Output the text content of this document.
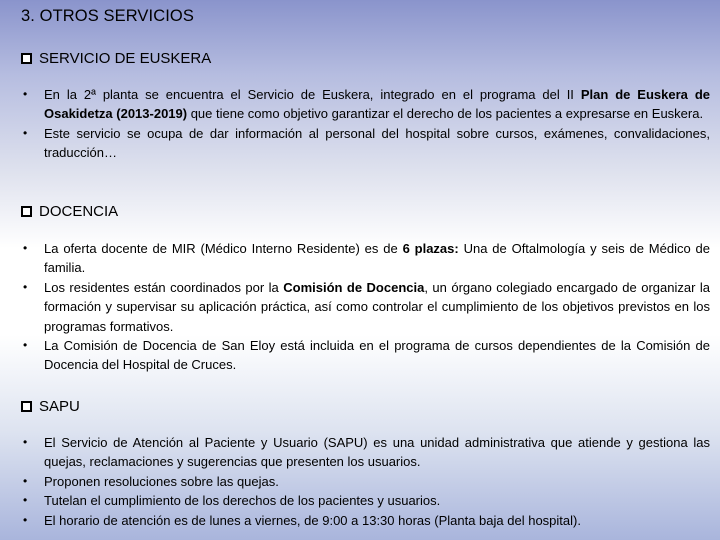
3. OTROS SERVICIOS
SERVICIO DE EUSKERA
• En la 2ª planta se encuentra el Servicio de Euskera, integrado en el programa del II Plan de Euskera de Osakidetza (2013-2019) que tiene como objetivo garantizar el derecho de los pacientes a expresarse en Euskera.
• Este servicio se ocupa de dar información al personal del hospital sobre cursos, exámenes, convalidaciones, traducción…
DOCENCIA
• La oferta docente de MIR (Médico Interno Residente) es de 6 plazas: Una de Oftalmología y seis de Médico de familia.
• Los residentes están coordinados por la Comisión de Docencia, un órgano colegiado encargado de organizar la formación y supervisar su aplicación práctica, así como controlar el cumplimiento de los objetivos previstos en los programas formativos.
• La Comisión de Docencia de San Eloy está incluida en el programa de cursos dependientes de la Comisión de Docencia del Hospital de Cruces.
SAPU
• El Servicio de Atención al Paciente y Usuario (SAPU) es una unidad administrativa que atiende y gestiona las quejas, reclamaciones y sugerencias que presenten los usuarios.
• Proponen resoluciones sobre las quejas.
• Tutelan el cumplimiento de los derechos de los pacientes y usuarios.
• El horario de atención es de lunes a viernes, de 9:00 a 13:30 horas (Planta baja del hospital).
